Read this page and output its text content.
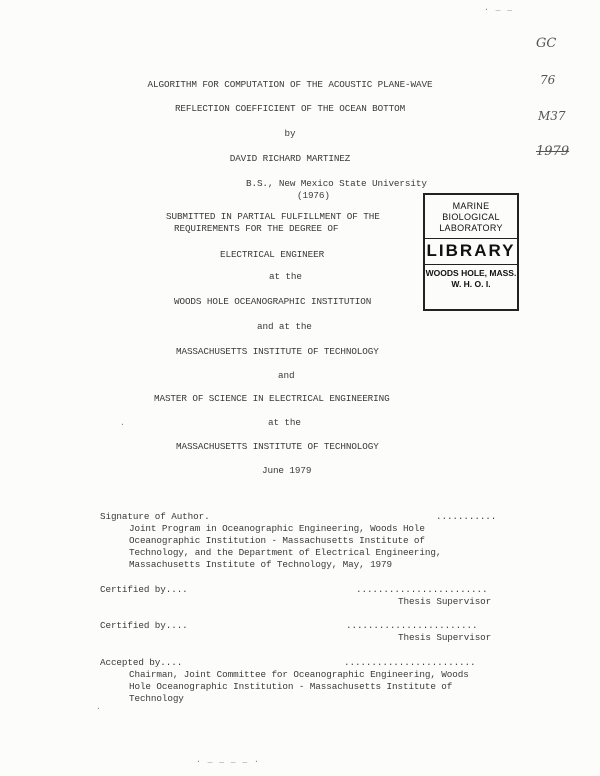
GC

76

M37

1979

ALGORITHM FOR COMPUTATION OF THE ACOUSTIC PLANE-WAVE
REFLECTION COEFFICIENT OF THE OCEAN BOTTOM
by
DAVID RICHARD MARTINEZ
B.S., New Mexico State University
(1976)
SUBMITTED IN PARTIAL FULFILLMENT OF THE
REQUIREMENTS FOR THE DEGREE OF
ELECTRICAL ENGINEER
at the
WOODS HOLE OCEANOGRAPHIC INSTITUTION
and at the
MASSACHUSETTS INSTITUTE OF TECHNOLOGY
and
MASTER OF SCIENCE IN ELECTRICAL ENGINEERING
at the
MASSACHUSETTS INSTITUTE OF TECHNOLOGY
June 1979
MARINE
BIOLOGICAL
LABORATORY
LIBRARY
WOODS HOLE, MASS.
W. H. O. I.
Signature of Author.	...........
Joint Program in Oceanographic Engineering, Woods Hole
Oceanographic Institution - Massachusetts Institute of
Technology, and the Department of Electrical Engineering,
Massachusetts Institute of Technology, May, 1979
Certified by....	........................
Thesis Supervisor
Certified by....	........................
Thesis Supervisor
Accepted by....	........................
Chairman, Joint Committee for Oceanographic Engineering, Woods
Hole Oceanographic Institution - Massachusetts Institute of
Technology
. _ _
. _ _ _ _ .
.
.
